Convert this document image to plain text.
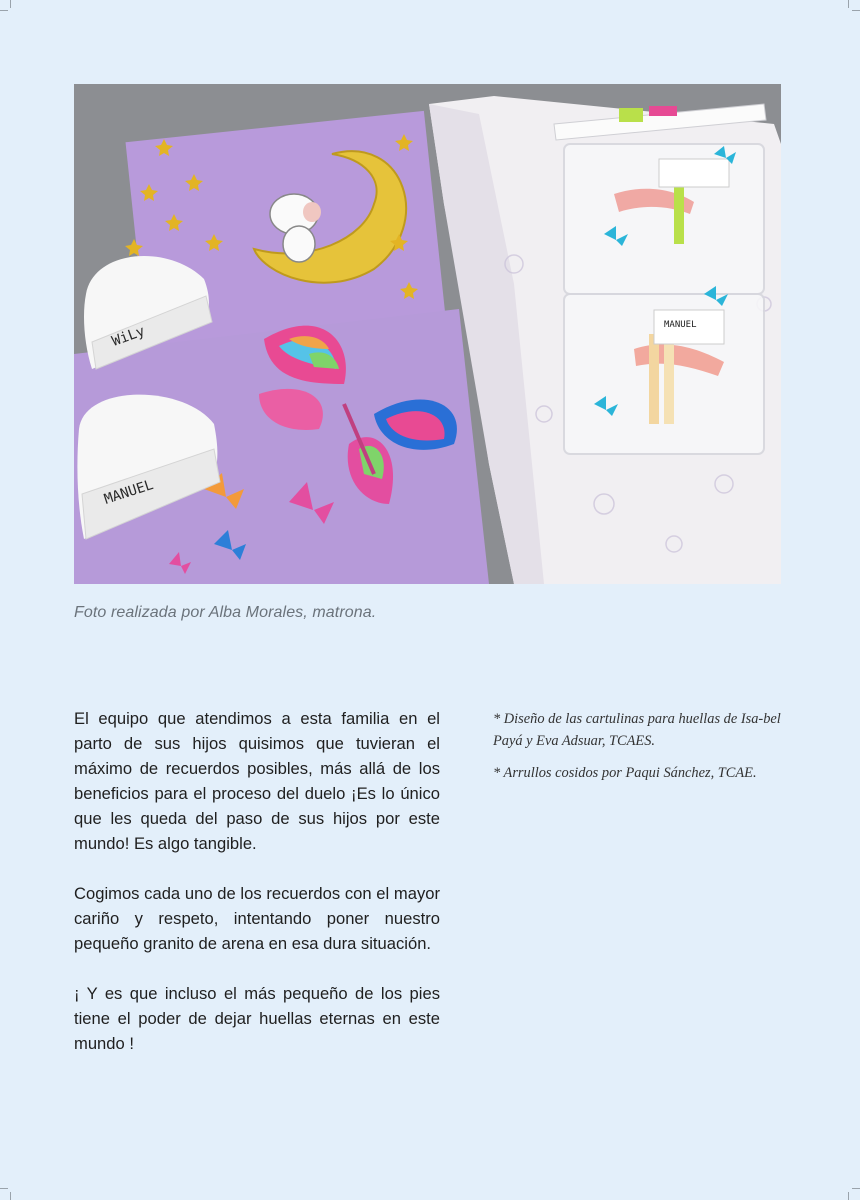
MANUEL
WiLy
MANUEL
Foto realizada por Alba Morales, matrona.

El equipo que atendimos a esta familia en el parto de sus hijos quisimos que tuvieran el máximo de recuerdos posibles, más allá de los beneficios para el proceso del duelo ¡Es lo único que les queda del paso de sus hijos por este mundo! Es algo tangible.

Cogimos cada uno de los recuerdos con el mayor cariño y respeto, intentando poner nuestro pequeño granito de arena en esa dura situación.

¡ Y es que incluso el más pequeño de los pies tiene el poder de dejar huellas eternas en este mundo !

* Diseño de las cartulinas para huellas de Isa-bel Payá y Eva Adsuar, TCAES.

* Arrullos cosidos por Paqui Sánchez, TCAE.
